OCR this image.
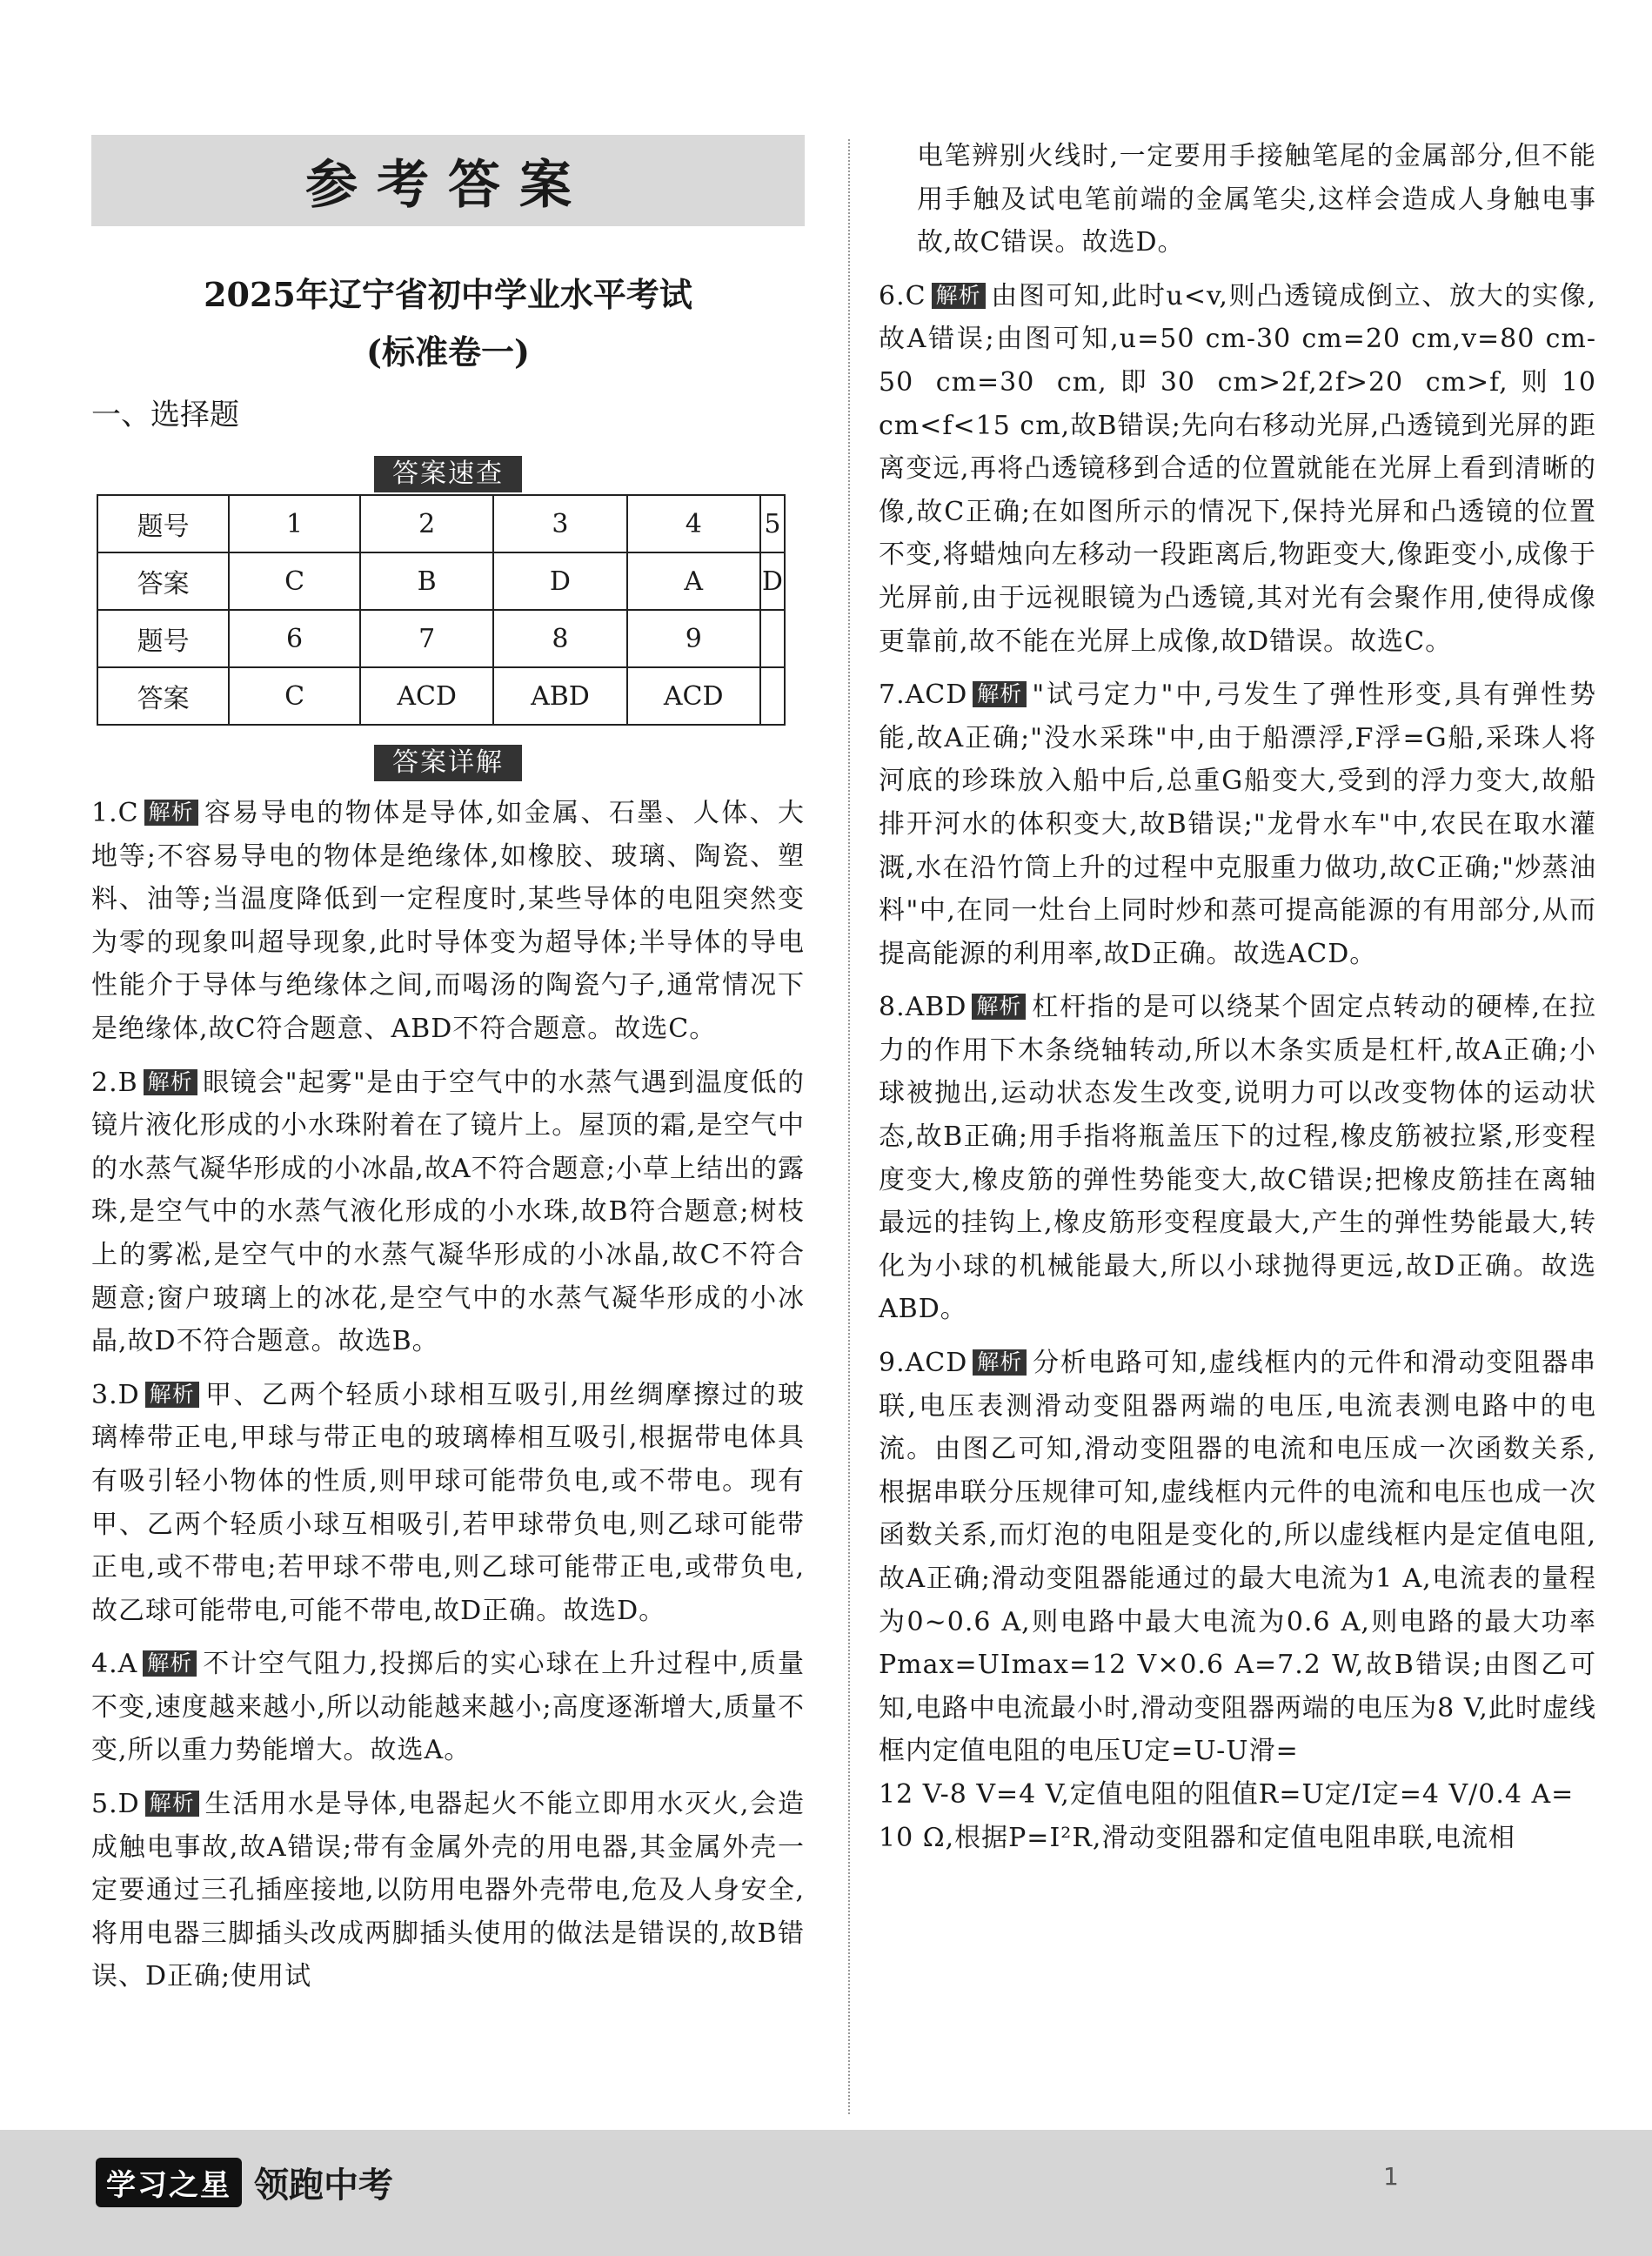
参考答案
2025年辽宁省初中学业水平考试
(标准卷一)
一、选择题
答案速查
题号	1	2	3	4	5
答案	C	B	D	A	D
题号	6	7	8	9	
答案	C	ACD	ABD	ACD	
答案详解
1.C 解析 容易导电的物体是导体,如金属、石墨、人体、大地等;不容易导电的物体是绝缘体,如橡胶、玻璃、陶瓷、塑料、油等;当温度降低到一定程度时,某些导体的电阻突然变为零的现象叫超导现象,此时导体变为超导体;半导体的导电性能介于导体与绝缘体之间,而喝汤的陶瓷勺子,通常情况下是绝缘体,故C符合题意、ABD不符合题意。故选C。
2.B 解析 眼镜会"起雾"是由于空气中的水蒸气遇到温度低的镜片液化形成的小水珠附着在了镜片上。屋顶的霜,是空气中的水蒸气凝华形成的小冰晶,故A不符合题意;小草上结出的露珠,是空气中的水蒸气液化形成的小水珠,故B符合题意;树枝上的雾凇,是空气中的水蒸气凝华形成的小冰晶,故C不符合题意;窗户玻璃上的冰花,是空气中的水蒸气凝华形成的小冰晶,故D不符合题意。故选B。
3.D 解析 甲、乙两个轻质小球相互吸引,用丝绸摩擦过的玻璃棒带正电,甲球与带正电的玻璃棒相互吸引,根据带电体具有吸引轻小物体的性质,则甲球可能带负电,或不带电。现有甲、乙两个轻质小球互相吸引,若甲球带负电,则乙球可能带正电,或不带电;若甲球不带电,则乙球可能带正电,或带负电,故乙球可能带电,可能不带电,故D正确。故选D。
4.A 解析 不计空气阻力,投掷后的实心球在上升过程中,质量不变,速度越来越小,所以动能越来越小;高度逐渐增大,质量不变,所以重力势能增大。故选A。
5.D 解析 生活用水是导体,电器起火不能立即用水灭火,会造成触电事故,故A错误;带有金属外壳的用电器,其金属外壳一定要通过三孔插座接地,以防用电器外壳带电,危及人身安全,将用电器三脚插头改成两脚插头使用的做法是错误的,故B错误、D正确;使用试
电笔辨别火线时,一定要用手接触笔尾的金属部分,但不能用手触及试电笔前端的金属笔尖,这样会造成人身触电事故,故C错误。故选D。
6.C 解析 由图可知,此时u<v,则凸透镜成倒立、放大的实像,故A错误;由图可知,u=50 cm-30 cm=20 cm,v=80 cm-50 cm=30 cm,即30 cm>2f,2f>20 cm>f,则10 cm<f<15 cm,故B错误;先向右移动光屏,凸透镜到光屏的距离变远,再将凸透镜移到合适的位置就能在光屏上看到清晰的像,故C正确;在如图所示的情况下,保持光屏和凸透镜的位置不变,将蜡烛向左移动一段距离后,物距变大,像距变小,成像于光屏前,由于远视眼镜为凸透镜,其对光有会聚作用,使得成像更靠前,故不能在光屏上成像,故D错误。故选C。
7.ACD 解析 "试弓定力"中,弓发生了弹性形变,具有弹性势能,故A正确;"没水采珠"中,由于船漂浮,F浮=G船,采珠人将河底的珍珠放入船中后,总重G船变大,受到的浮力变大,故船排开河水的体积变大,故B错误;"龙骨水车"中,农民在取水灌溉,水在沿竹筒上升的过程中克服重力做功,故C正确;"炒蒸油料"中,在同一灶台上同时炒和蒸可提高能源的有用部分,从而提高能源的利用率,故D正确。故选ACD。
8.ABD 解析 杠杆指的是可以绕某个固定点转动的硬棒,在拉力的作用下木条绕轴转动,所以木条实质是杠杆,故A正确;小球被抛出,运动状态发生改变,说明力可以改变物体的运动状态,故B正确;用手指将瓶盖压下的过程,橡皮筋被拉紧,形变程度变大,橡皮筋的弹性势能变大,故C错误;把橡皮筋挂在离轴最远的挂钩上,橡皮筋形变程度最大,产生的弹性势能最大,转化为小球的机械能最大,所以小球抛得更远,故D正确。故选ABD。
9.ACD 解析 分析电路可知,虚线框内的元件和滑动变阻器串联,电压表测滑动变阻器两端的电压,电流表测电路中的电流。由图乙可知,滑动变阻器的电流和电压成一次函数关系,根据串联分压规律可知,虚线框内元件的电流和电压也成一次函数关系,而灯泡的电阻是变化的,所以虚线框内是定值电阻,故A正确;滑动变阻器能通过的最大电流为1 A,电流表的量程为0~0.6 A,则电路中最大电流为0.6 A,则电路的最大功率Pmax=UImax=12 V×0.6 A=7.2 W,故B错误;由图乙可知,电路中电流最小时,滑动变阻器两端的电压为8 V,此时虚线框内定值电阻的电压U定=U-U滑=
12 V-8 V=4 V,定值电阻的阻值R=U定/I定=4 V/0.4 A=
10 Ω,根据P=I²R,滑动变阻器和定值电阻串联,电流相
学习之星 领跑中考	1
